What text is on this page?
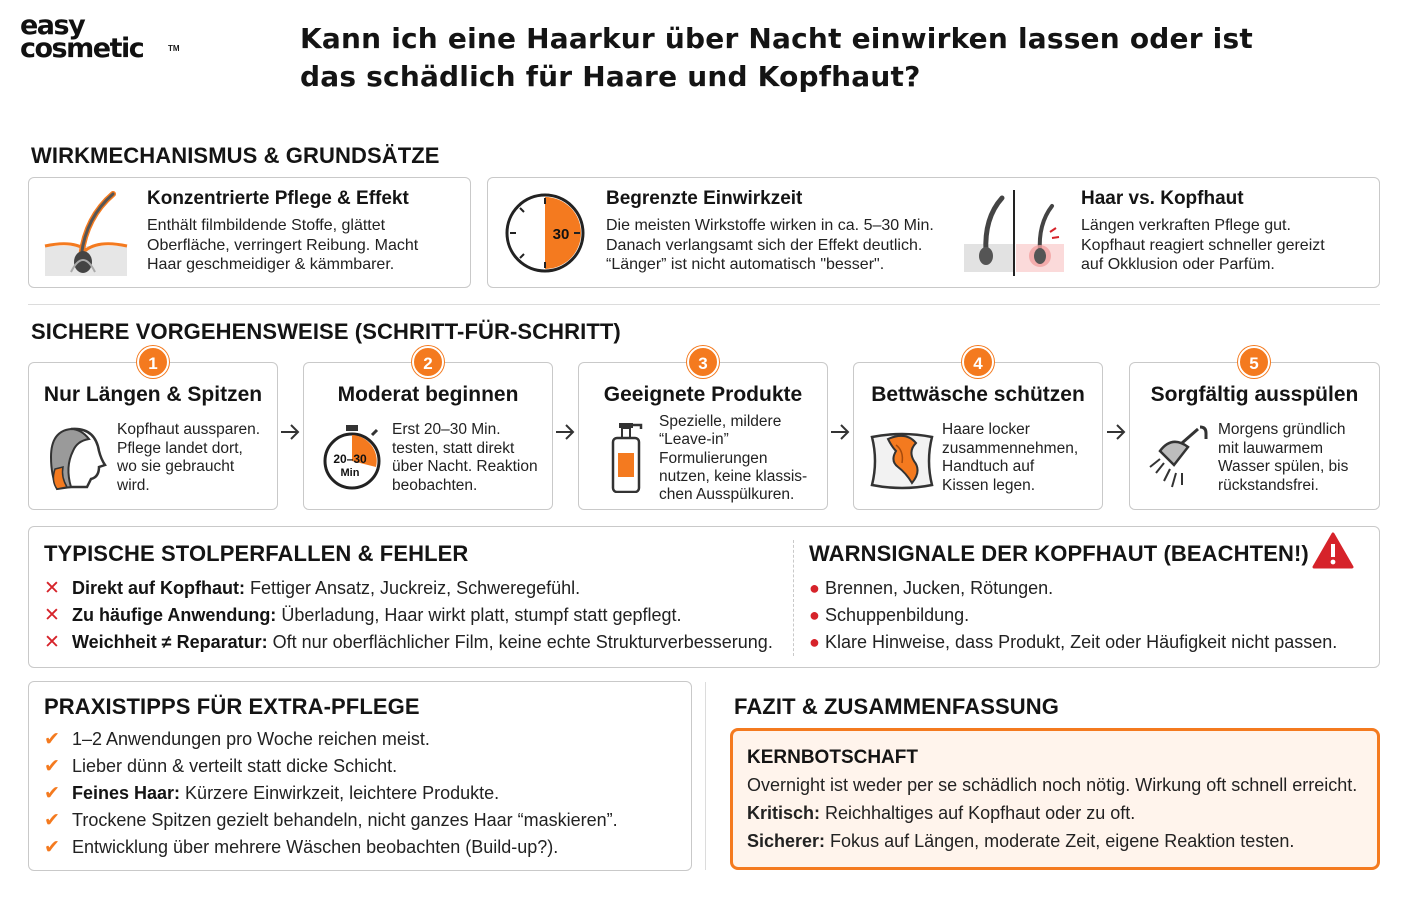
easy
cosmetic	TM	Kann ich eine Haarkur über Nacht einwirken lassen oder ist das schädlich für Haare und Kopfhaut?
WIRKMECHANISMUS & GRUNDSÄTZE
Konzentrierte Pflege & Effekt
Enthält filmbildende Stoffe, glättet
Oberfläche, verringert Reibung. Macht
Haar geschmeidiger & kämmbarer.
30
Begrenzte Einwirkzeit
Die meisten Wirkstoffe wirken in ca. 5–30 Min.
Danach verlangsamt sich der Effekt deutlich.
“Länger” ist nicht automatisch "besser".
Haar vs. Kopfhaut
Längen verkraften Pflege gut.
Kopfhaut reagiert schneller gereizt
auf Okklusion oder Parfüm.
SICHERE VORGEHENSWEISE (SCHRITT-FÜR-SCHRITT)
Nur Längen & Spitzen
Kopfhaut aussparen.
Pflege landet dort,
wo sie gebraucht
wird.
1
Moderat beginnen
20–30
Min
Erst 20–30 Min.
testen, statt direkt
über Nacht. Reaktion
beobachten.
2
Geeignete Produkte
Spezielle, mildere
“Leave-in”
Formulierungen
nutzen, keine klassis-
chen Ausspülkuren.
3
Bettwäsche schützen
Haare locker
zusammennehmen,
Handtuch auf
Kissen legen.
4
Sorgfältig ausspülen
Morgens gründlich
mit lauwarmem
Wasser spülen, bis
rückstandsfrei.
5
TYPISCHE STOLPERFALLEN & FEHLER
✕ Direkt auf Kopfhaut: Fettiger Ansatz, Juckreiz, Schweregefühl.
✕ Zu häufige Anwendung: Überladung, Haar wirkt platt, stumpf statt gepflegt.
✕ Weichheit ≠ Reparatur: Oft nur oberflächlicher Film, keine echte Strukturverbesserung.
WARNSIGNALE DER KOPFHAUT (BEACHTEN!)
● Brennen, Jucken, Rötungen.
● Schuppenbildung.
● Klare Hinweise, dass Produkt, Zeit oder Häufigkeit nicht passen.
PRAXISTIPPS FÜR EXTRA-PFLEGE
✔ 1–2 Anwendungen pro Woche reichen meist.
✔ Lieber dünn & verteilt statt dicke Schicht.
✔ Feines Haar: Kürzere Einwirkzeit, leichtere Produkte.
✔ Trockene Spitzen gezielt behandeln, nicht ganzes Haar “maskieren”.
✔ Entwicklung über mehrere Wäschen beobachten (Build-up?).
FAZIT & ZUSAMMENFASSUNG
KERNBOTSCHAFT
Overnight ist weder per se schädlich noch nötig. Wirkung oft schnell erreicht.
Kritisch: Reichhaltiges auf Kopfhaut oder zu oft.
Sicherer: Fokus auf Längen, moderate Zeit, eigene Reaktion testen.
